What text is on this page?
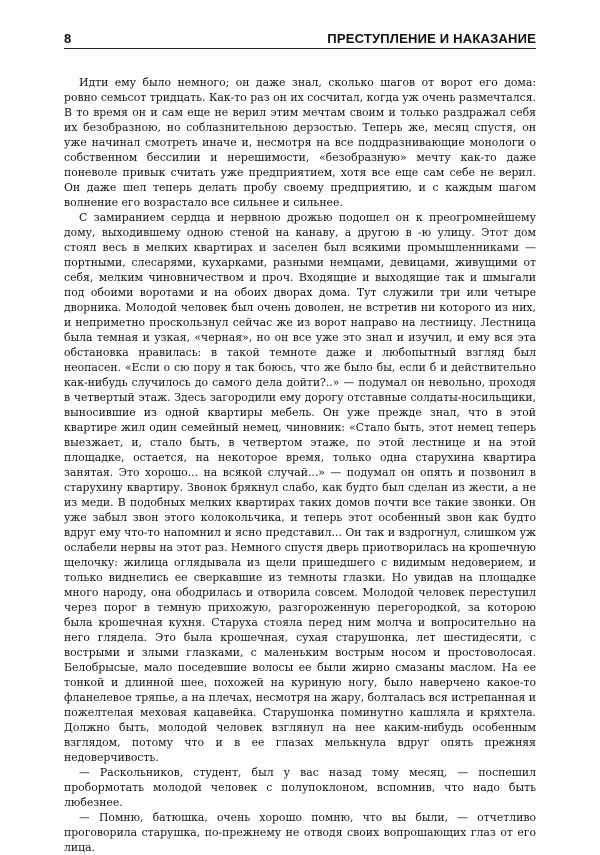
8	ПРЕСТУПЛЕНИЕ И НАКАЗАНИЕ

Идти ему было немного; он даже знал, сколько шагов от ворот его дома: ровно семьсот тридцать. Как-то раз он их сосчитал, когда уж очень размечтался. В то время он и сам еще не верил этим мечтам своим и только раздражал себя их безобразною, но соблазнительною дерзостью. Теперь же, месяц спустя, он уже начинал смотреть иначе и, несмотря на все поддразнивающие монологи о собственном бессилии и нерешимости, «безобразную» мечту как-то даже поневоле привык считать уже предприятием, хотя все еще сам себе не верил. Он даже шел теперь делать пробу своему предприятию, и с каждым шагом волнение его возрастало все сильнее и сильнее.

С замиранием сердца и нервною дрожью подошел он к преогромнейшему дому, выходившему одною стеной на канаву, а другою в -ю улицу. Этот дом стоял весь в мелких квартирах и заселен был всякими промышленниками — портными, слесарями, кухарками, разными немцами, девицами, живущими от себя, мелким чиновничеством и проч. Входящие и выходящие так и шмыгали под обоими воротами и на обоих дворах дома. Тут служили три или четыре дворника. Молодой человек был очень доволен, не встретив ни которого из них, и неприметно проскользнул сейчас же из ворот направо на лестницу. Лестница была темная и узкая, «черная», но он все уже это знал и изучил, и ему вся эта обстановка нравилась: в такой темноте даже и любопытный взгляд был неопасен. «Если о сю пору я так боюсь, что же было бы, если б и действительно как-нибудь случилось до самого дела дойти?..» — подумал он невольно, проходя в четвертый этаж. Здесь загородили ему дорогу отставные солдаты-носильщики, выносившие из одной квартиры мебель. Он уже прежде знал, что в этой квартире жил один семейный немец, чиновник: «Стало быть, этот немец теперь выезжает, и, стало быть, в четвертом этаже, по этой лестнице и на этой площадке, остается, на некоторое время, только одна старухина квартира занятая. Это хорошо... на всякой случай...» — подумал он опять и позвонил в старухину квартиру. Звонок брякнул слабо, как будто был сделан из жести, а не из меди. В подобных мелких квартирах таких домов почти все такие звонки. Он уже забыл звон этого колокольчика, и теперь этот особенный звон как будто вдруг ему что-то напомнил и ясно представил... Он так и вздрогнул, слишком уж ослабели нервы на этот раз. Немного спустя дверь приотворилась на крошечную щелочку: жилица оглядывала из щели пришедшего с видимым недоверием, и только виднелись ее сверкавшие из темноты глазки. Но увидав на площадке много народу, она ободрилась и отворила совсем. Молодой человек переступил через порог в темную прихожую, разгороженную перегородкой, за которою была крошечная кухня. Старуха стояла перед ним молча и вопросительно на него глядела. Это была крошечная, сухая старушонка, лет шестидесяти, с вострыми и злыми глазками, с маленьким вострым носом и простоволосая. Белобрысые, мало поседевшие волосы ее были жирно смазаны маслом. На ее тонкой и длинной шее, похожей на куриную ногу, было наверчено какое-то фланелевое тряпье, а на плечах, несмотря на жару, болталась вся истрепанная и пожелтелая меховая кацавейка. Старушонка поминутно кашляла и кряхтела. Должно быть, молодой человек взглянул на нее каким-нибудь особенным взглядом, потому что и в ее глазах мелькнула вдруг опять прежняя недоверчивость.

— Раскольников, студент, был у вас назад тому месяц, — поспешил пробормотать молодой человек с полупоклоном, вспомнив, что надо быть любезнее.

— Помню, батюшка, очень хорошо помню, что вы были, — отчетливо проговорила старушка, по-прежнему не отводя своих вопрошающих глаз от его лица.
